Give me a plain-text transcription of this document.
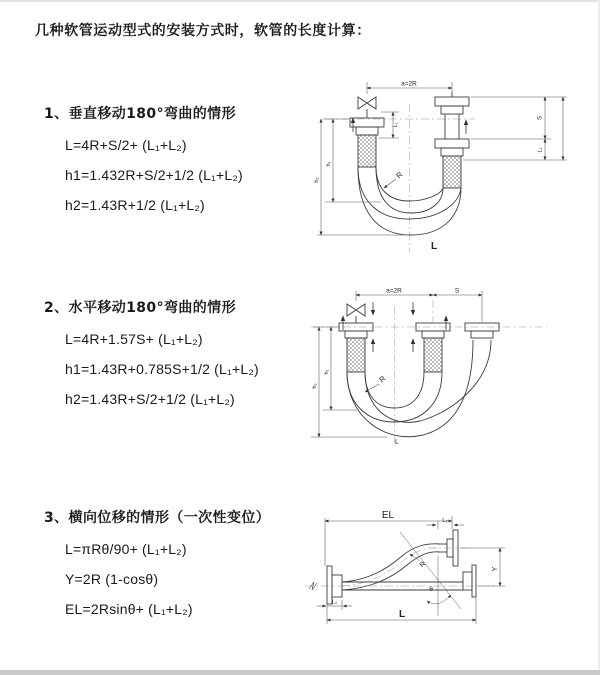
几种软管运动型式的安装方式时，软管的长度计算：
1、垂直移动180°弯曲的情形
L=4R+S/2+ (L₁+L₂)
h1=1.432R+S/2+1/2 (L₁+L₂)
h2=1.43R+1/2 (L₁+L₂)
2、水平移动180°弯曲的情形
L=4R+1.57S+ (L₁+L₂)
h1=1.43R+0.785S+1/2 (L₁+L₂)
h2=1.43R+S/2+1/2 (L₁+L₂)
3、横向位移的情形（一次性变位）
L=πRθ/90+ (L₁+L₂)
Y=2R (1-cosθ)
EL=2Rsinθ+ (L₁+L₂)
a=2R
L₁
h₁
h₂
S
L₁
R
L
a=2R	S
h₁
h₂
R
L
EL	L₂
Y
R
θ
L₁
L
